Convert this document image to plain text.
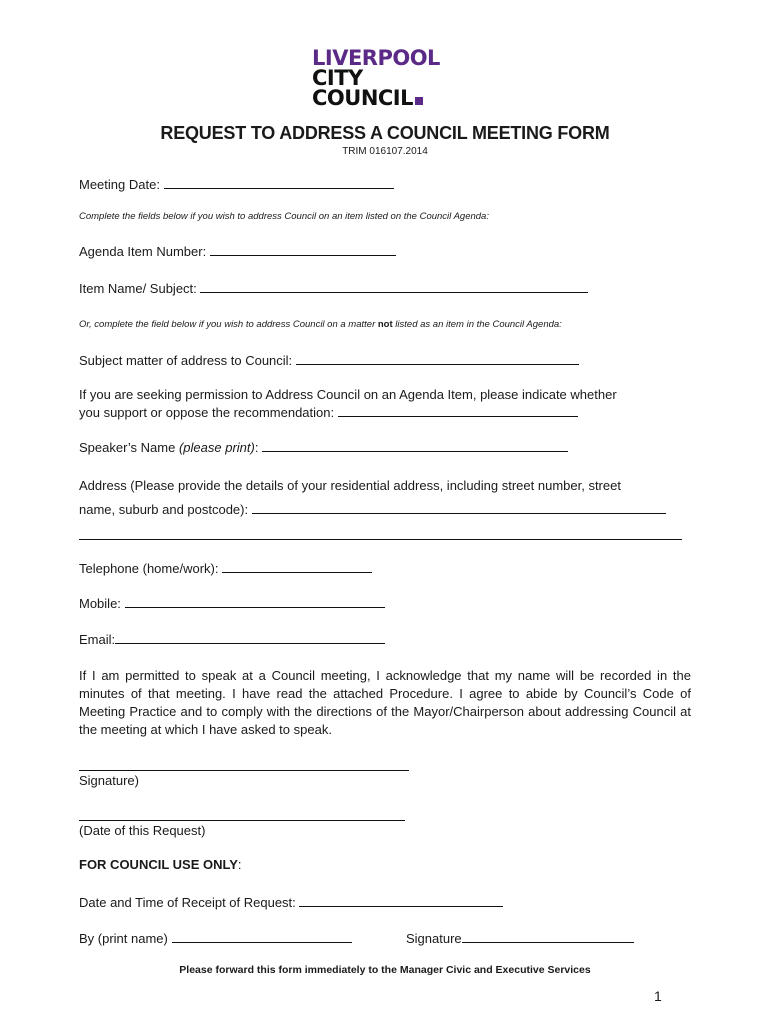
LIVERPOOL
CITY
COUNCIL
REQUEST TO ADDRESS A COUNCIL MEETING FORM
TRIM 016107.2014
Meeting Date:
Complete the fields below if you wish to address Council on an item listed on the Council Agenda:
Agenda Item Number:
Item Name/ Subject:
Or, complete the field below if you wish to address Council on a matter not listed as an item in the Council Agenda:
Subject matter of address to Council:
If you are seeking permission to Address Council on an Agenda Item, please indicate whether
you support or oppose the recommendation:
Speaker’s Name (please print):
Address (Please provide the details of your residential address, including street number, street
name, suburb and postcode):
Telephone (home/work):
Mobile:
Email:
If I am permitted to speak at a Council meeting, I acknowledge that my name will be recorded in the minutes of that meeting. I have read the attached Procedure. I agree to abide by Council’s Code of Meeting Practice and to comply with the directions of the Mayor/Chairperson about addressing Council at the meeting at which I have asked to speak.
Signature)
(Date of this Request)
FOR COUNCIL USE ONLY:
Date and Time of Receipt of Request:
By (print name)	Signature
Please forward this form immediately to the Manager Civic and Executive Services
1
